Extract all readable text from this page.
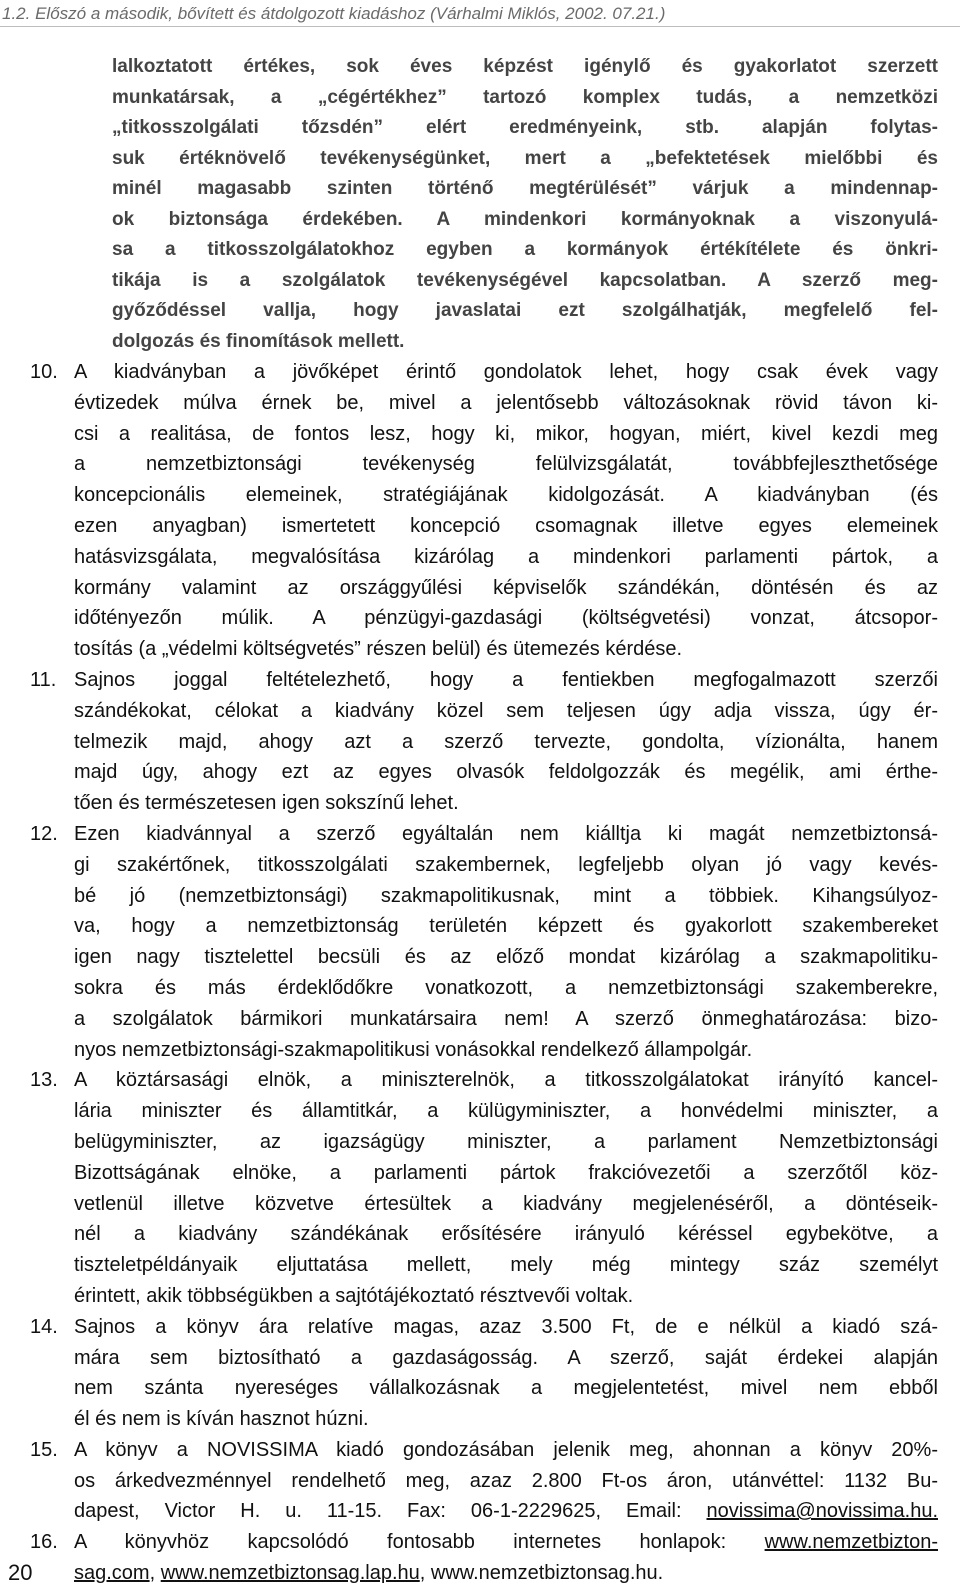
1.2. Előszó a második, bővített és átdolgozott kiadáshoz (Várhalmi Miklós, 2002. 07.21.)
lalkoztatott értékes, sok éves képzést igénylő és gyakorlatot szerzett
munkatársak, a „cégértékhez” tartozó komplex tudás, a nemzetközi
„titkosszolgálati tőzsdén” elért eredményeink, stb. alapján folytas-
suk értéknövelő tevékenységünket, mert a „befektetések mielőbbi és
minél magasabb szinten történő megtérülését” várjuk a mindennap-
ok biztonsága érdekében. A mindenkori kormányoknak a viszonyulá-
sa a titkosszolgálatokhoz egyben a kormányok értékítélete és önkri-
tikája is a szolgálatok tevékenységével kapcsolatban. A szerző meg-
győződéssel vallja, hogy javaslatai ezt szolgálhatják, megfelelő fel-
dolgozás és finomítások mellett.
10. A kiadványban a jövőképet érintő gondolatok lehet, hogy csak évek vagy
évtizedek múlva érnek be, mivel a jelentősebb változásoknak rövid távon ki-
csi a realitása, de fontos lesz, hogy ki, mikor, hogyan, miért, kivel kezdi meg
a nemzetbiztonsági tevékenység felülvizsgálatát, továbbfejleszthetősége
koncepcionális elemeinek, stratégiájának kidolgozását. A kiadványban (és
ezen anyagban) ismertetett koncepció csomagnak illetve egyes elemeinek
hatásvizsgálata, megvalósítása kizárólag a mindenkori parlamenti pártok, a
kormány valamint az országgyűlési képviselők szándékán, döntésén és az
időtényezőn múlik. A pénzügyi-gazdasági (költségvetési) vonzat, átcsopor-
tosítás (a „védelmi költségvetés” részen belül) és ütemezés kérdése.
11. Sajnos joggal feltételezhető, hogy a fentiekben megfogalmazott szerzői
szándékokat, célokat a kiadvány közel sem teljesen úgy adja vissza, úgy ér-
telmezik majd, ahogy azt a szerző tervezte, gondolta, vízionálta, hanem
majd úgy, ahogy ezt az egyes olvasók feldolgozzák és megélik, ami érthe-
tően és természetesen igen sokszínű lehet.
12. Ezen kiadvánnyal a szerző egyáltalán nem kiálltja ki magát nemzetbiztonsá-
gi szakértőnek, titkosszolgálati szakembernek, legfeljebb olyan jó vagy kevés-
bé jó (nemzetbiztonsági) szakmapolitikusnak, mint a többiek. Kihangsúlyoz-
va, hogy a nemzetbiztonság területén képzett és gyakorlott szakembereket
igen nagy tisztelettel becsüli és az előző mondat kizárólag a szakmapolitiku-
sokra és más érdeklődőkre vonatkozott, a nemzetbiztonsági szakemberekre,
a szolgálatok bármikori munkatársaira nem! A szerző önmeghatározása: bizo-
nyos nemzetbiztonsági-szakmapolitikusi vonásokkal rendelkező állampolgár.
13. A köztársasági elnök, a miniszterelnök, a titkosszolgálatokat irányító kancel-
lária miniszter és államtitkár, a külügyminiszter, a honvédelmi miniszter, a
belügyminiszter, az igazságügy miniszter, a parlament Nemzetbiztonsági
Bizottságának elnöke, a parlamenti pártok frakcióvezetői a szerzőtől köz-
vetlenül illetve közvetve értesültek a kiadvány megjelenéséről, a döntéseik-
nél a kiadvány szándékának erősítésére irányuló kéréssel egybekötve, a
tiszteletpéldányaik eljuttatása mellett, mely még mintegy száz személyt
érintett, akik többségükben a sajtótájékoztató résztvevői voltak.
14. Sajnos a könyv ára relatíve magas, azaz 3.500 Ft, de e nélkül a kiadó szá-
mára sem biztosítható a gazdaságosság. A szerző, saját érdekei alapján
nem szánta nyereséges vállalkozásnak a megjelentetést, mivel nem ebből
él és nem is kíván hasznot húzni.
15. A könyv a NOVISSIMA kiadó gondozásában jelenik meg, ahonnan a könyv 20%-
os árkedvezménnyel rendelhető meg, azaz 2.800 Ft-os áron, utánvéttel: 1132 Bu-
dapest, Victor H. u. 11-15. Fax: 06-1-2229625, Email: novissima@novissima.hu.
16. A könyvhöz kapcsolódó fontosabb internetes honlapok: www.nemzetbizton-
sag.com, www.nemzetbiztonsag.lap.hu, www.nemzetbiztonsag.hu.
20
